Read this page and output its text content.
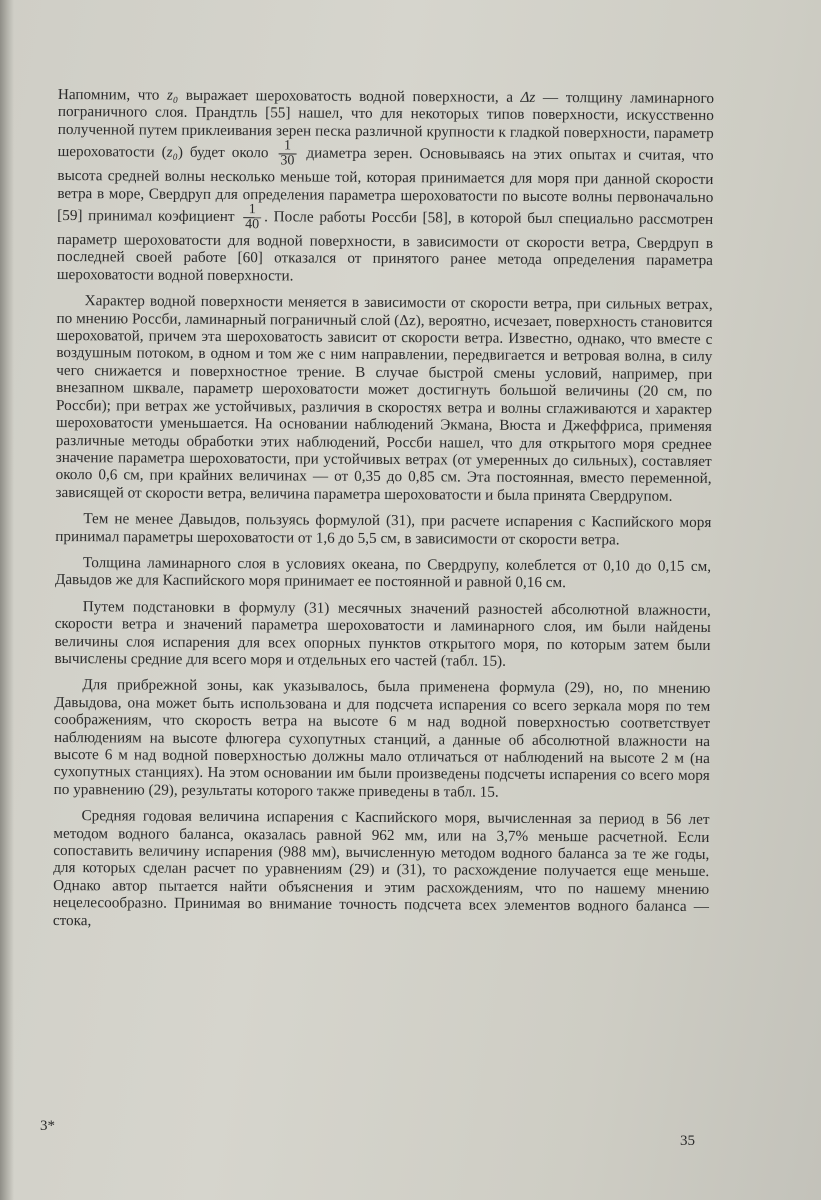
Напомним, что z₀ выражает шероховатость водной поверхности, а Δz — толщину ламинарного пограничного слоя. Прандтль [55] нашел, что для некоторых типов поверхности, искусственно полученной путем приклеивания зерен песка различной крупности к гладкой поверхности, параметр шероховатости (z₀) будет около $\frac{1}{30}$ диаметра зерен. Основываясь на этих опытах и считая, что высота средней волны несколько меньше той, которая принимается для моря при данной скорости ветра в море, Свердруп для определения параметра шероховатости по высоте волны первоначально [59] принимал коэфициент $\frac{1}{40}$ . После работы Россби [58], в которой был специально рассмотрен параметр шероховатости для водной поверхности, в зависимости от скорости ветра, Свердруп в последней своей работе [60] отказался от принятого ранее метода определения параметра шероховатости водной поверхности.

Характер водной поверхности меняется в зависимости от скорости ветра, при сильных ветрах, по мнению Россби, ламинарный пограничный слой (Δz), вероятно, исчезает, поверхность становится шероховатой, причем эта шероховатость зависит от скорости ветра. Известно, однако, что вместе с воздушным потоком, в одном и том же с ним направлении, передвигается и ветровая волна, в силу чего снижается и поверхностное трение. В случае быстрой смены условий, например, при внезапном шквале, параметр шероховатости может достигнуть большой величины (20 см, по Россби); при ветрах же устойчивых, различия в скоростях ветра и волны сглаживаются и характер шероховатости уменьшается. На основании наблюдений Экмана, Вюста и Джеффриса, применяя различные методы обработки этих наблюдений, Россби нашел, что для открытого моря среднее значение параметра шероховатости, при устойчивых ветрах (от умеренных до сильных), составляет около 0,6 см, при крайних величинах — от 0,35 до 0,85 см. Эта постоянная, вместо переменной, зависящей от скорости ветра, величина параметра шероховатости и была принята Свердрупом.

Тем не менее Давыдов, пользуясь формулой (31), при расчете испарения с Каспийского моря принимал параметры шероховатости от 1,6 до 5,5 см, в зависимости от скорости ветра.

Толщина ламинарного слоя в условиях океана, по Свердрупу, колеблется от 0,10 до 0,15 см, Давыдов же для Каспийского моря принимает ее постоянной и равной 0,16 см.

Путем подстановки в формулу (31) месячных значений разностей абсолютной влажности, скорости ветра и значений параметра шероховатости и ламинарного слоя, им были найдены величины слоя испарения для всех опорных пунктов открытого моря, по которым затем были вычислены средние для всего моря и отдельных его частей (табл. 15).

Для прибрежной зоны, как указывалось, была применена формула (29), но, по мнению Давыдова, она может быть использована и для подсчета испарения со всего зеркала моря по тем соображениям, что скорость ветра на высоте 6 м над водной поверхностью соответствует наблюдениям на высоте флюгера сухопутных станций, а данные об абсолютной влажности на высоте 6 м над водной поверхностью должны мало отличаться от наблюдений на высоте 2 м (на сухопутных станциях). На этом основании им были произведены подсчеты испарения со всего моря по уравнению (29), результаты которого также приведены в табл. 15.

Средняя годовая величина испарения с Каспийского моря, вычисленная за период в 56 лет методом водного баланса, оказалась равной 962 мм, или на 3,7% меньше расчетной. Если сопоставить величину испарения (988 мм), вычисленную методом водного баланса за те же годы, для которых сделан расчет по уравнениям (29) и (31), то расхождение получается еще меньше. Однако автор пытается найти объяснения и этим расхождениям, что по нашему мнению нецелесообразно. Принимая во внимание точность подсчета всех элементов водного баланса — стока,

3*
35
